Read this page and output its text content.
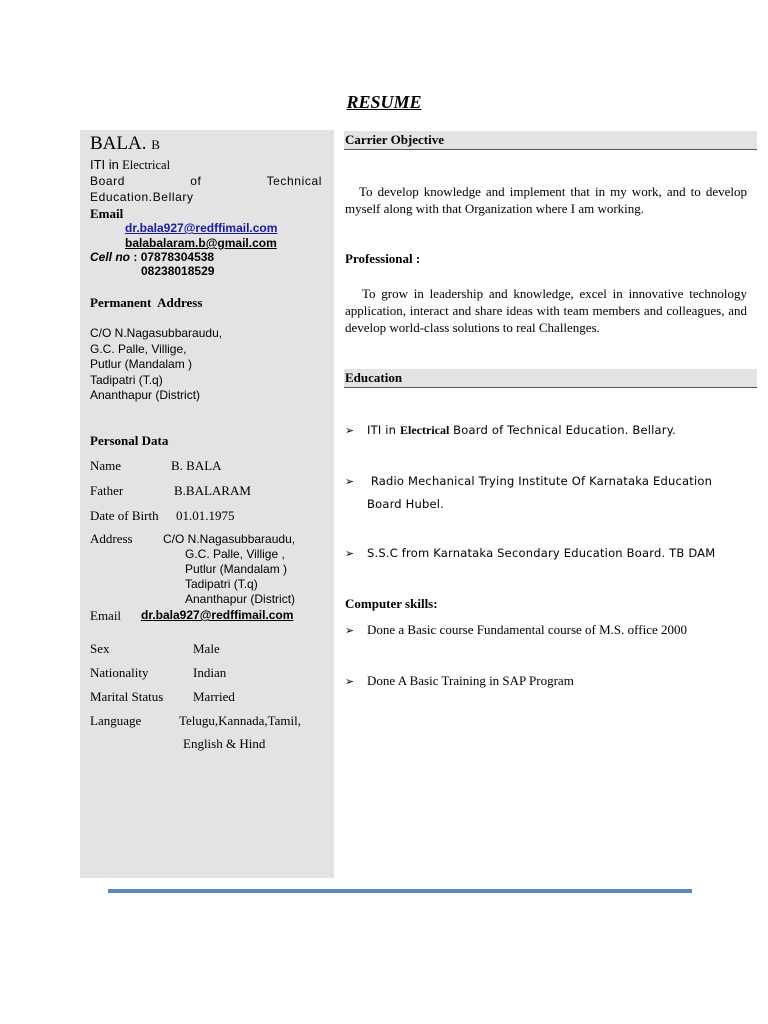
RESUME
BALA. B
ITI in Electrical
Board	of	Technical
Education.Bellary
Email
dr.bala927@redffimail.com
balabalaram.b@gmail.com
Cell no : 07878304538
08238018529
Permanent  Address
C/O N.Nagasubbaraudu,
G.C. Palle, Villige,
Putlur (Mandalam )
Tadipatri (T.q)
Ananthapur (District)
Personal Data
Name	B. BALA
Father	B.BALARAM
Date of Birth 01.01.1975
Address	C/O N.Nagasubbaraudu,
G.C. Palle, Villige ,
Putlur (Mandalam )
Tadipatri (T.q)
Ananthapur (District)
Email dr.bala927@redffimail.com
Sex	Male
Nationality	Indian
Marital Status Married
Language	Telugu,Kannada,Tamil,
English & Hind
Carrier Objective
To develop knowledge and implement that in my work, and to develop myself along with that Organization where I am working.
Professional :
To grow in leadership and knowledge, excel in innovative technology application, interact and share ideas with team members and colleagues, and develop world-class solutions to real Challenges.
Education
➢ ITI in Electrical Board of Technical Education. Bellary.
➢ Radio Mechanical Trying Institute Of Karnataka Education
Board Hubel.
➢ S.S.C from Karnataka Secondary Education Board. TB DAM
Computer skills:
➢ Done a Basic course Fundamental course of M.S. office 2000
➢ Done A Basic Training in SAP Program
